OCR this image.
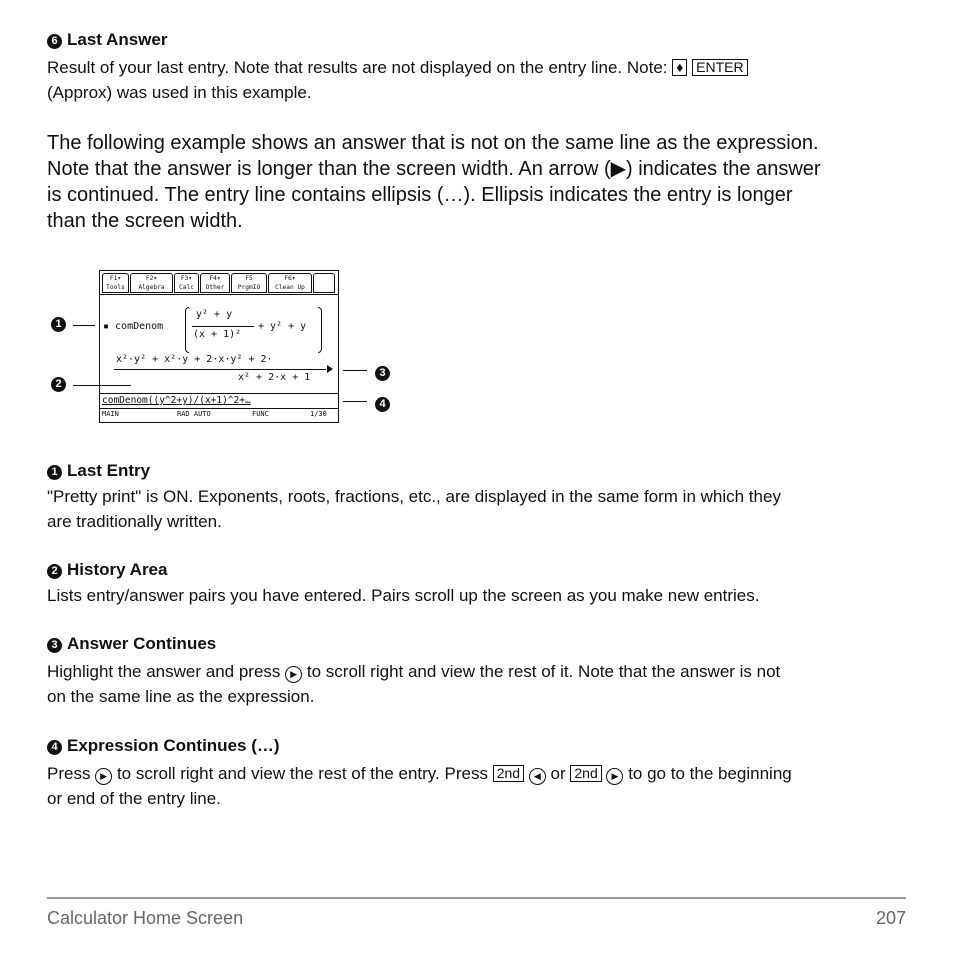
6 Last Answer
Result of your last entry. Note that results are not displayed on the entry line. Note: ♦ ENTER
(Approx) was used in this example.
The following example shows an answer that is not on the same line as the expression.
Note that the answer is longer than the screen width. An arrow (▶) indicates the answer
is continued. The entry line contains ellipsis (…). Ellipsis indicates the entry is longer
than the screen width.
F1▾
Tools
F2▾
Algebra
F3▾
Calc
F4▾
Other
F5
PrgmIO
F6▾
Clean Up
▪ comDenom
y² + y
(x + 1)²
+ y² + y
x²·y² + x²·y + 2·x·y² + 2·
x² + 2·x + 1
comDenom((y^2+y)/(x+1)^2+…
MAIN	RAD AUTO	FUNC	1/30
1
2
3
4
1 Last Entry
"Pretty print" is ON. Exponents, roots, fractions, etc., are displayed in the same form in which they
are traditionally written.
2 History Area
Lists entry/answer pairs you have entered. Pairs scroll up the screen as you make new entries.
3 Answer Continues
Highlight the answer and press ▶ to scroll right and view the rest of it. Note that the answer is not
on the same line as the expression.
4 Expression Continues (…)
Press ▶ to scroll right and view the rest of the entry. Press 2nd ◀ or 2nd ▶ to go to the beginning
or end of the entry line.
Calculator Home Screen	207
